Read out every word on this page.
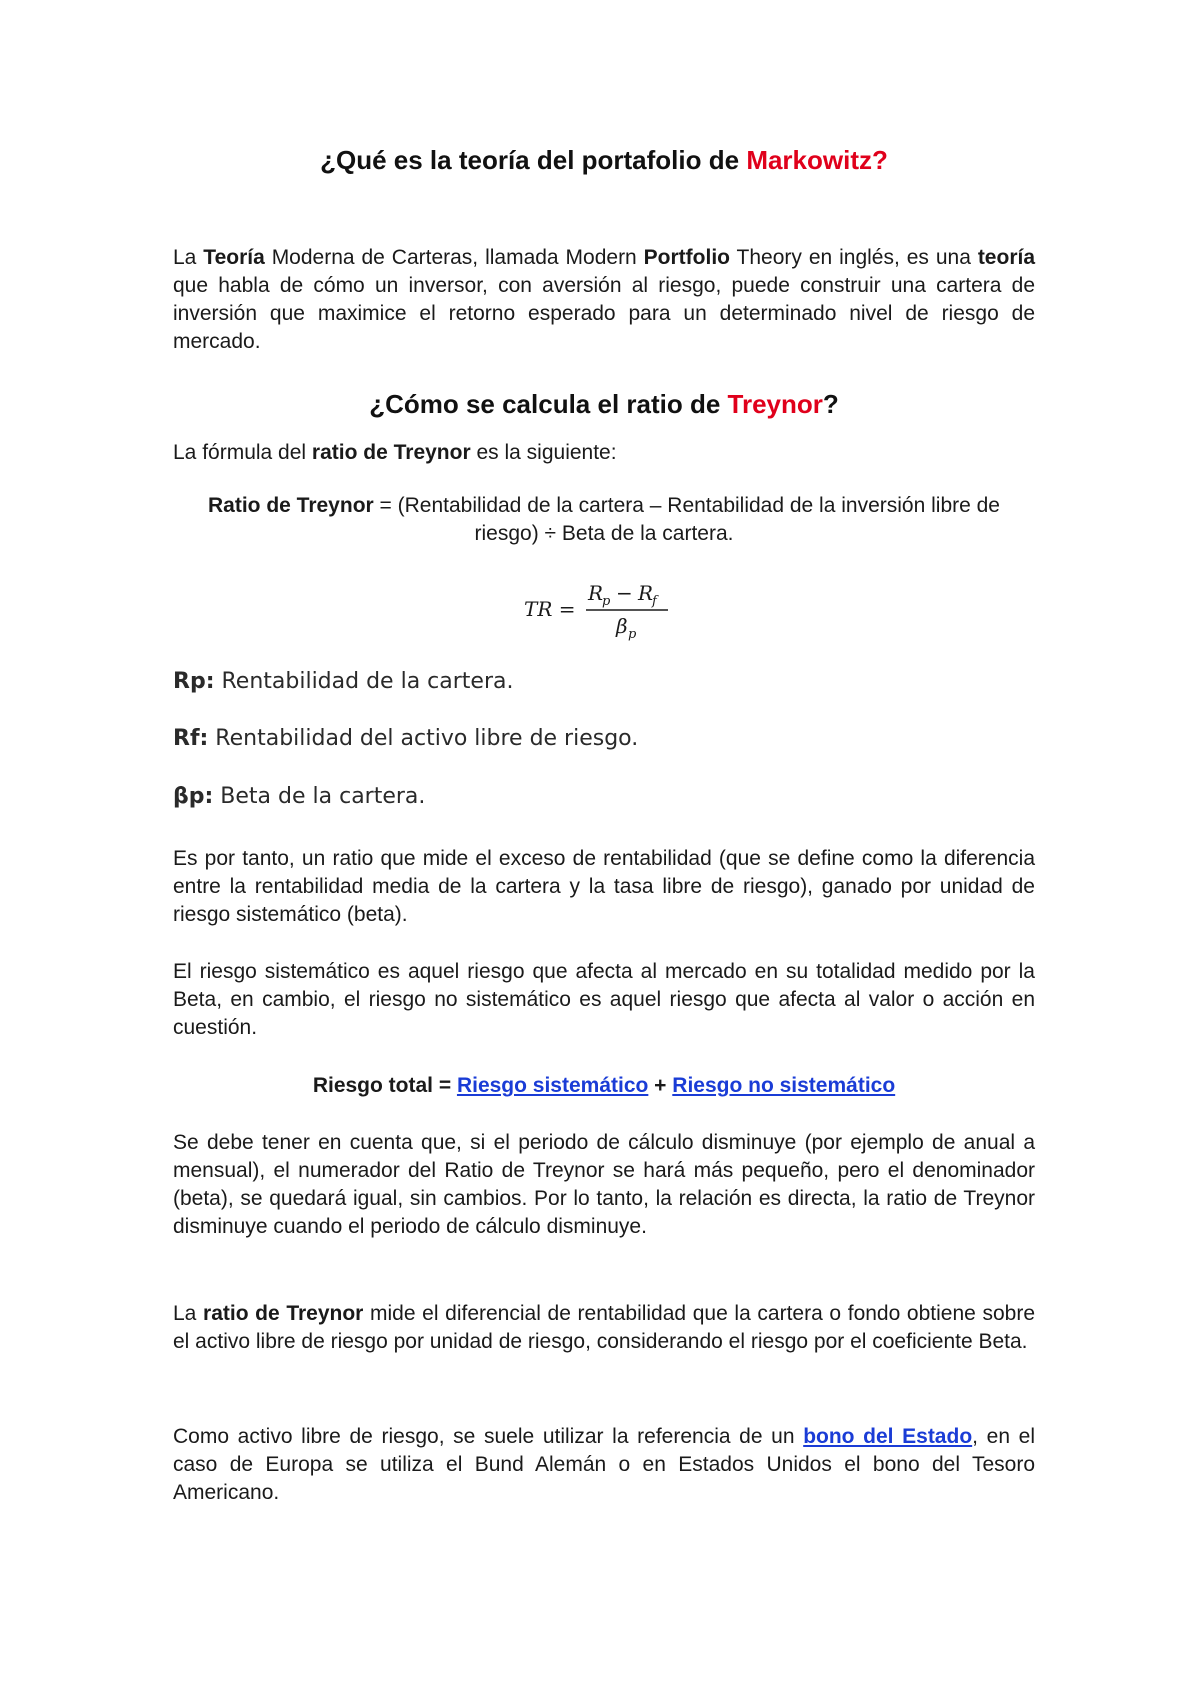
¿Qué es la teoría del portafolio de Markowitz?

La Teoría Moderna de Carteras, llamada Modern Portfolio Theory en inglés, es una teoría que habla de cómo un inversor, con aversión al riesgo, puede construir una cartera de inversión que maximice el retorno esperado para un determinado nivel de riesgo de mercado.

¿Cómo se calcula el ratio de Treynor?

La fórmula del ratio de Treynor es la siguiente:

Ratio de Treynor = (Rentabilidad de la cartera – Rentabilidad de la inversión libre de riesgo) ÷ Beta de la cartera.

TR =
R
p − R
f
β p

Rp: Rentabilidad de la cartera.

Rf: Rentabilidad del activo libre de riesgo.

βp: Beta de la cartera.

Es por tanto, un ratio que mide el exceso de rentabilidad (que se define como la diferencia entre la rentabilidad media de la cartera y la tasa libre de riesgo), ganado por unidad de riesgo sistemático (beta).

El riesgo sistemático es aquel riesgo que afecta al mercado en su totalidad medido por la Beta, en cambio, el riesgo no sistemático es aquel riesgo que afecta al valor o acción en cuestión.

Riesgo total = Riesgo sistemático + Riesgo no sistemático

Se debe tener en cuenta que, si el periodo de cálculo disminuye (por ejemplo de anual a mensual), el numerador del Ratio de Treynor se hará más pequeño, pero el denominador (beta), se quedará igual, sin cambios. Por lo tanto, la relación es directa, la ratio de Treynor disminuye cuando el periodo de cálculo disminuye.

La ratio de Treynor mide el diferencial de rentabilidad que la cartera o fondo obtiene sobre el activo libre de riesgo por unidad de riesgo, considerando el riesgo por el coeficiente Beta.

Como activo libre de riesgo, se suele utilizar la referencia de un bono del Estado, en el caso de Europa se utiliza el Bund Alemán o en Estados Unidos el bono del Tesoro Americano.
